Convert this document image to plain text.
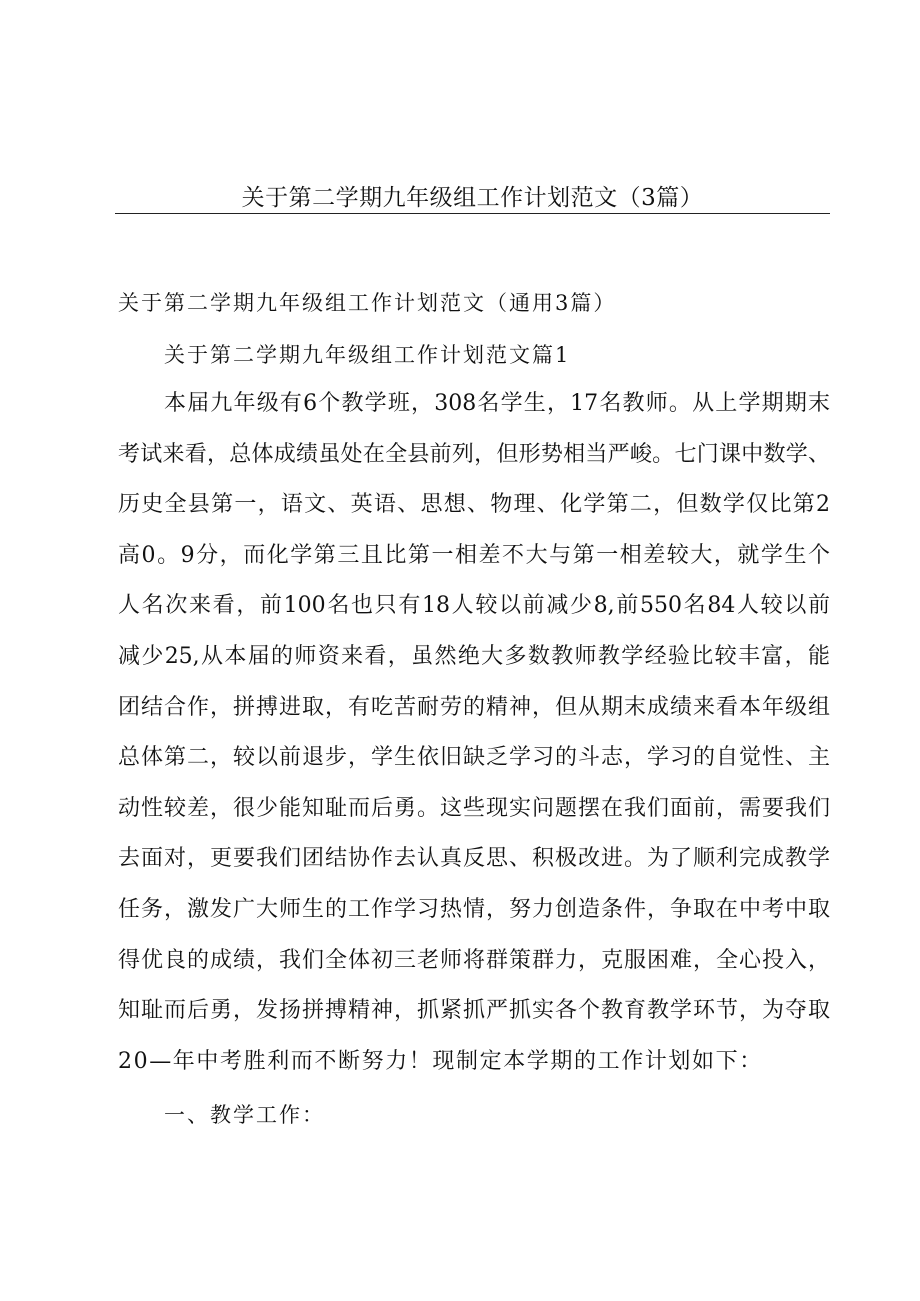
关于第二学期九年级组工作计划范文（3篇）
关于第二学期九年级组工作计划范文（通用3篇）
关于第二学期九年级组工作计划范文篇1
本届九年级有6个教学班，308名学生，17名教师。从上学期期末
考试来看，总体成绩虽处在全县前列，但形势相当严峻。七门课中数学、
历史全县第一，语文、英语、思想、物理、化学第二，但数学仅比第2
高0。9分，而化学第三且比第一相差不大与第一相差较大，就学生个
人名次来看，前100名也只有18人较以前减少8,前550名84人较以前
减少25,从本届的师资来看，虽然绝大多数教师教学经验比较丰富，能
团结合作，拼搏进取，有吃苦耐劳的精神，但从期末成绩来看本年级组
总体第二，较以前退步，学生依旧缺乏学习的斗志，学习的自觉性、主
动性较差，很少能知耻而后勇。这些现实问题摆在我们面前，需要我们
去面对，更要我们团结协作去认真反思、积极改进。为了顺利完成教学
任务，激发广大师生的工作学习热情，努力创造条件，争取在中考中取
得优良的成绩，我们全体初三老师将群策群力，克服困难，全心投入，
知耻而后勇，发扬拼搏精神，抓紧抓严抓实各个教育教学环节，为夺取
20—年中考胜利而不断努力！现制定本学期的工作计划如下：
一、教学工作：
